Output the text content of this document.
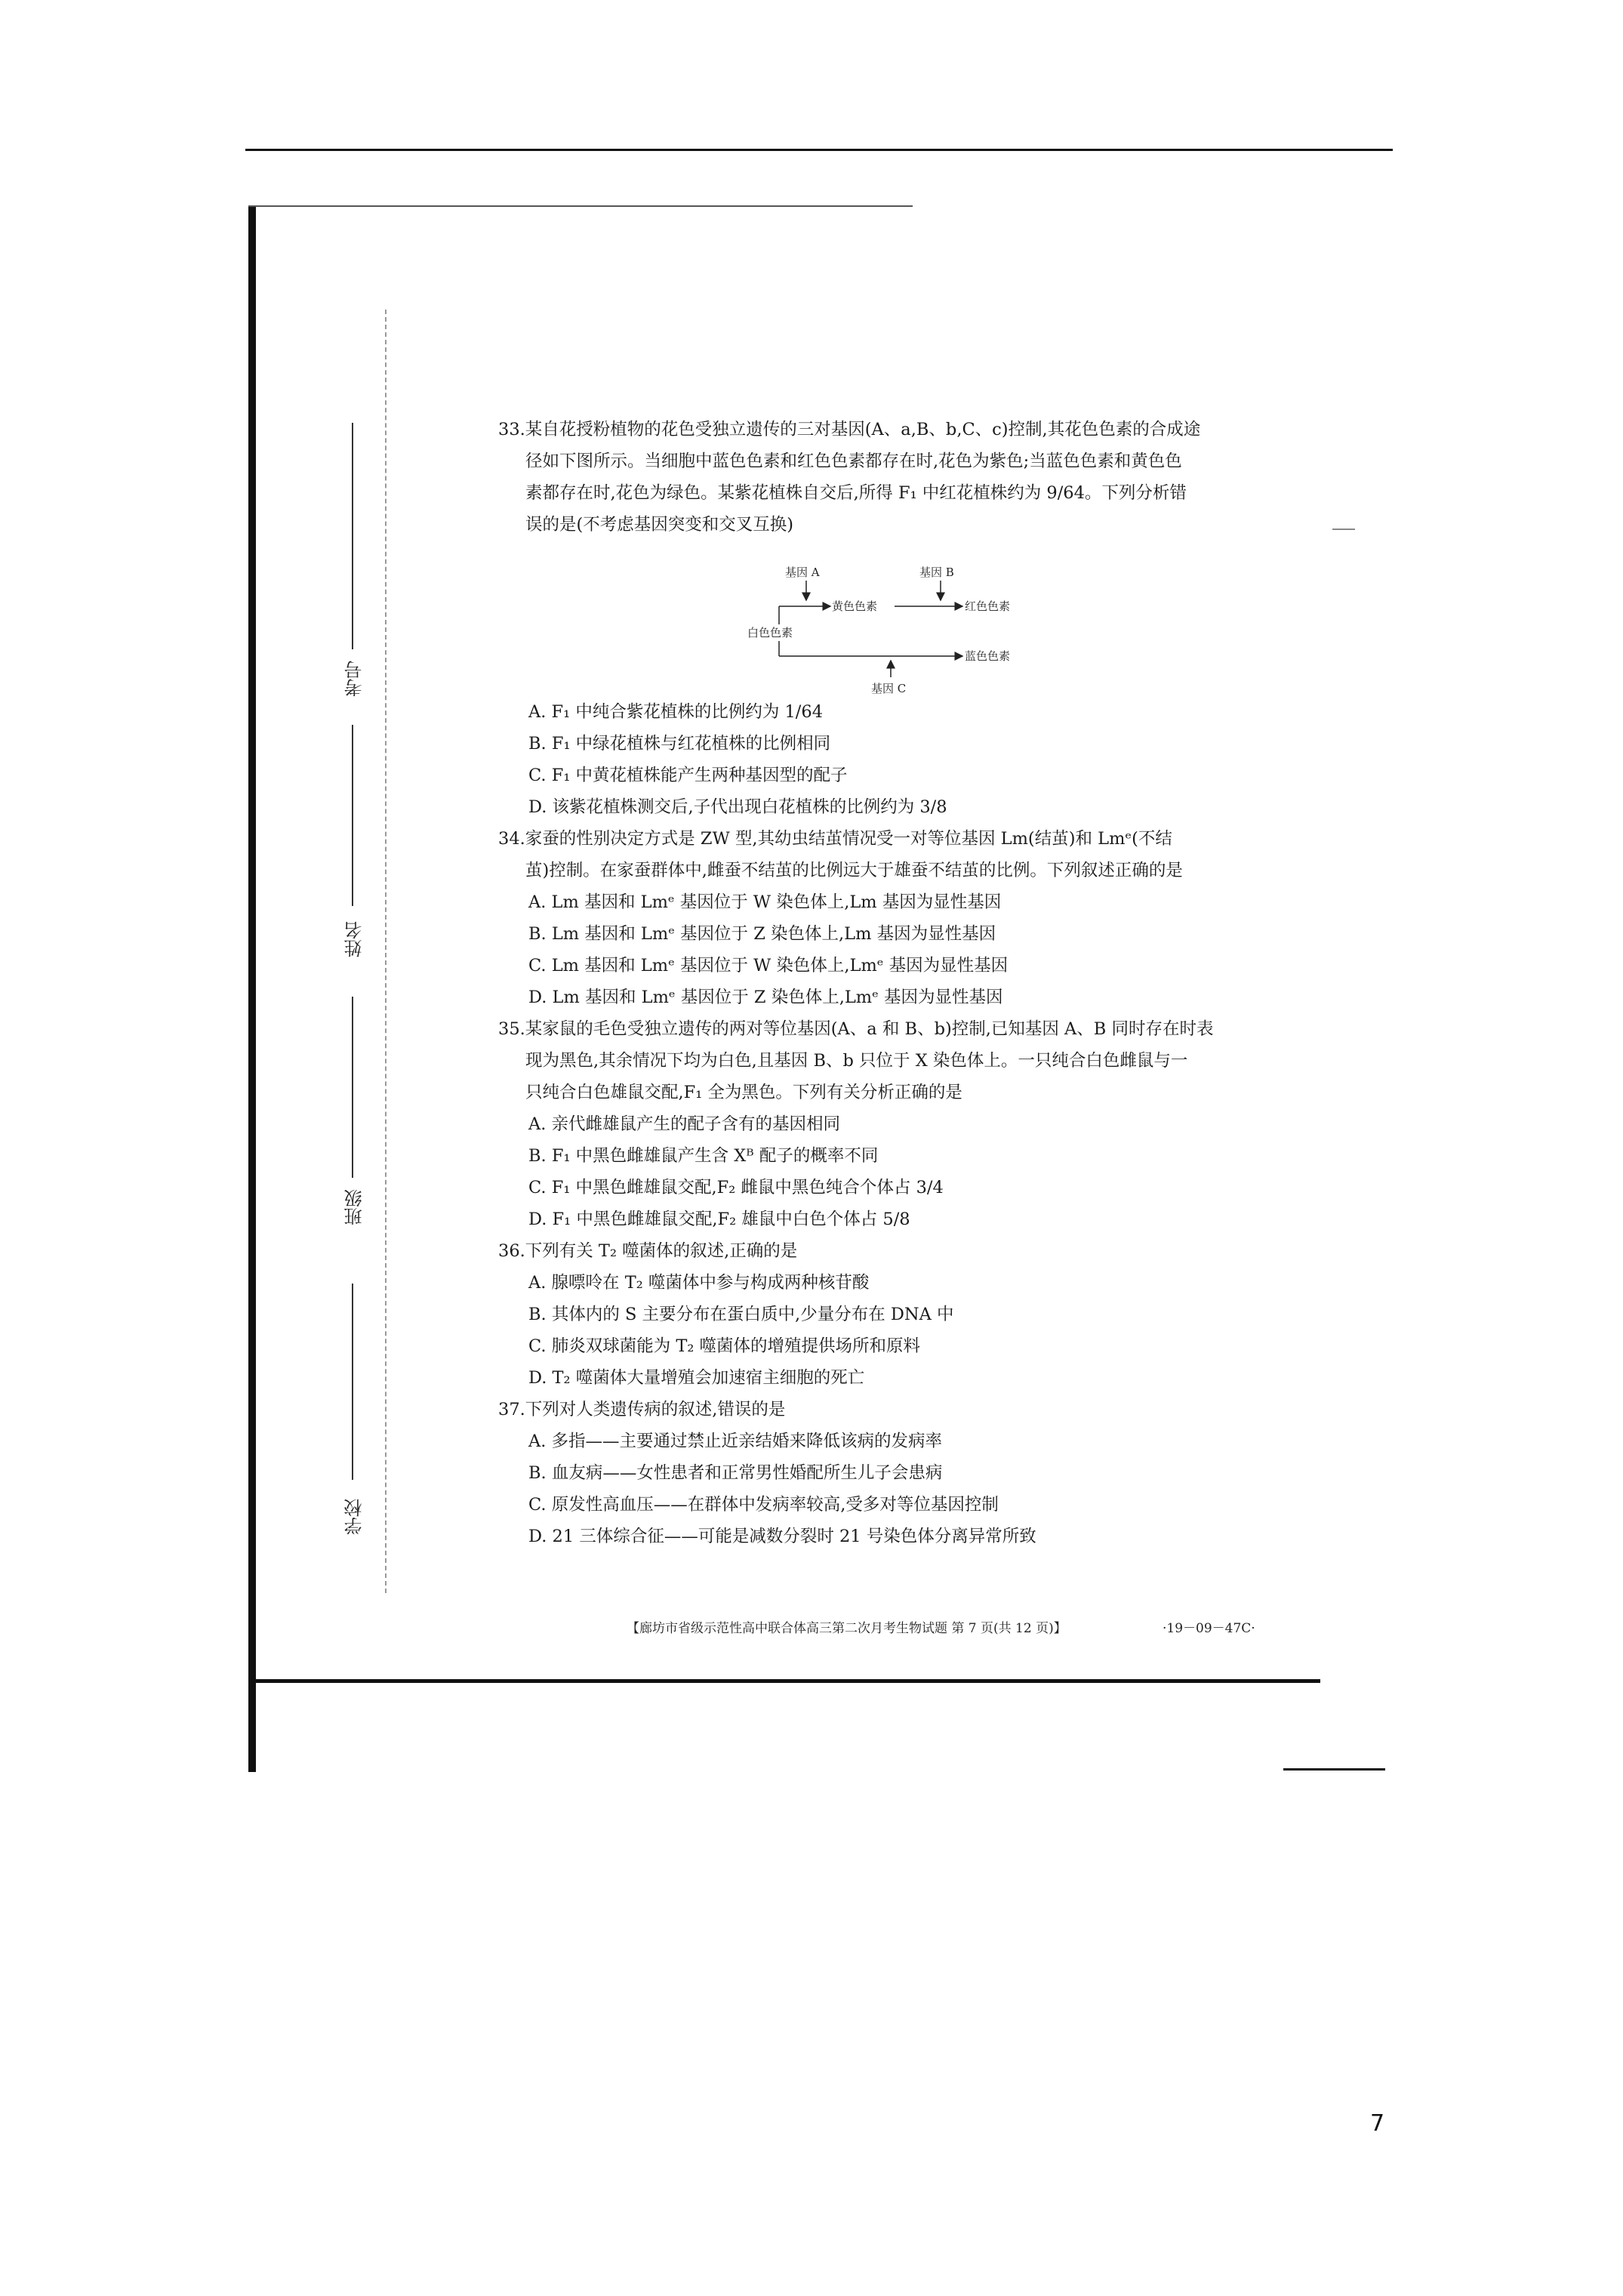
考号
姓名
班级
学校

33.某自花授粉植物的花色受独立遗传的三对基因(A、a,B、b,C、c)控制,其花色色素的合成途

径如下图所示。当细胞中蓝色色素和红色色素都存在时,花色为紫色;当蓝色色素和黄色色

素都存在时,花色为绿色。某紫花植株自交后,所得 F₁ 中红花植株约为 9/64。下列分析错

误的是(不考虑基因突变和交叉互换)

基因 A	基因 B
白色色素
黄色色素	红色色素
蓝色色素
基因 C

A. F₁ 中纯合紫花植株的比例约为 1/64

B. F₁ 中绿花植株与红花植株的比例相同

C. F₁ 中黄花植株能产生两种基因型的配子

D. 该紫花植株测交后,子代出现白花植株的比例约为 3/8

34.家蚕的性别决定方式是 ZW 型,其幼虫结茧情况受一对等位基因 Lm(结茧)和 Lmᵉ(不结

茧)控制。在家蚕群体中,雌蚕不结茧的比例远大于雄蚕不结茧的比例。下列叙述正确的是

A. Lm 基因和 Lmᵉ 基因位于 W 染色体上,Lm 基因为显性基因

B. Lm 基因和 Lmᵉ 基因位于 Z 染色体上,Lm 基因为显性基因

C. Lm 基因和 Lmᵉ 基因位于 W 染色体上,Lmᵉ 基因为显性基因

D. Lm 基因和 Lmᵉ 基因位于 Z 染色体上,Lmᵉ 基因为显性基因

35.某家鼠的毛色受独立遗传的两对等位基因(A、a 和 B、b)控制,已知基因 A、B 同时存在时表

现为黑色,其余情况下均为白色,且基因 B、b 只位于 X 染色体上。一只纯合白色雌鼠与一

只纯合白色雄鼠交配,F₁ 全为黑色。下列有关分析正确的是

A. 亲代雌雄鼠产生的配子含有的基因相同

B. F₁ 中黑色雌雄鼠产生含 Xᴮ 配子的概率不同

C. F₁ 中黑色雌雄鼠交配,F₂ 雌鼠中黑色纯合个体占 3/4

D. F₁ 中黑色雌雄鼠交配,F₂ 雄鼠中白色个体占 5/8

36.下列有关 T₂ 噬菌体的叙述,正确的是

A. 腺嘌呤在 T₂ 噬菌体中参与构成两种核苷酸

B. 其体内的 S 主要分布在蛋白质中,少量分布在 DNA 中

C. 肺炎双球菌能为 T₂ 噬菌体的增殖提供场所和原料

D. T₂ 噬菌体大量增殖会加速宿主细胞的死亡

37.下列对人类遗传病的叙述,错误的是

A. 多指——主要通过禁止近亲结婚来降低该病的发病率

B. 血友病——女性患者和正常男性婚配所生儿子会患病

C. 原发性高血压——在群体中发病率较高,受多对等位基因控制

D. 21 三体综合征——可能是减数分裂时 21 号染色体分离异常所致

【廊坊市省级示范性高中联合体高三第二次月考生物试题 第 7 页(共 12 页)】	·19－09－47C·
7
